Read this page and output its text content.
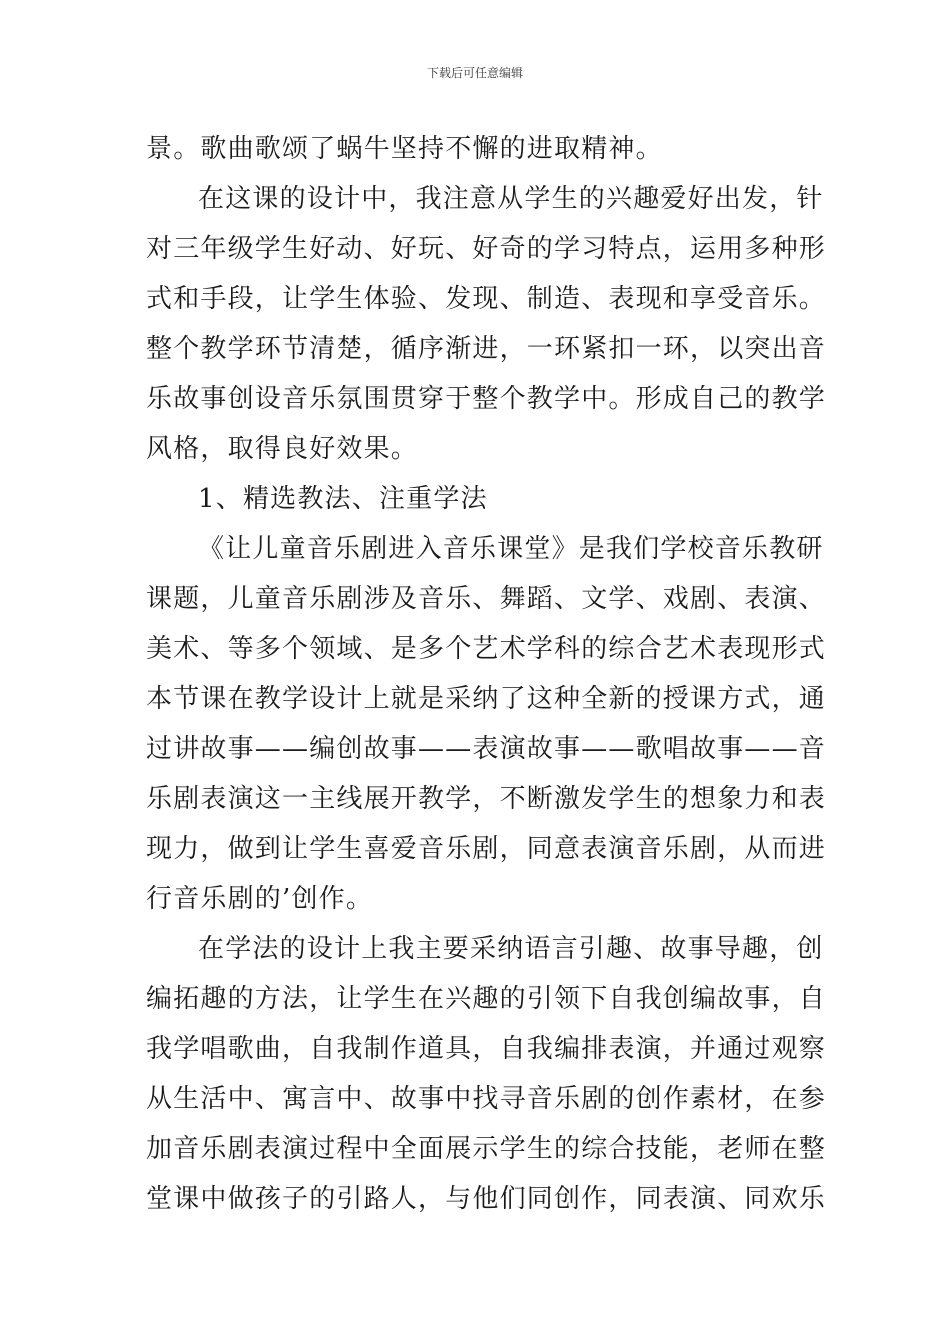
下载后可任意编辑
景。歌曲歌颂了蜗牛坚持不懈的进取精神。
在这课的设计中，我注意从学生的兴趣爱好出发，针
对三年级学生好动、好玩、好奇的学习特点，运用多种形
式和手段，让学生体验、发现、制造、表现和享受音乐。
整个教学环节清楚，循序渐进，一环紧扣一环，以突出音
乐故事创设音乐氛围贯穿于整个教学中。形成自己的教学
风格，取得良好效果。
1、精选教法、注重学法
《让儿童音乐剧进入音乐课堂》是我们学校音乐教研
课题，儿童音乐剧涉及音乐、舞蹈、文学、戏剧、表演、
美术、等多个领域、是多个艺术学科的综合艺术表现形式
本节课在教学设计上就是采纳了这种全新的授课方式，通
过讲故事——编创故事——表演故事——歌唱故事——音
乐剧表演这一主线展开教学，不断激发学生的想象力和表
现力，做到让学生喜爱音乐剧，同意表演音乐剧，从而进
行音乐剧的’创作。
在学法的设计上我主要采纳语言引趣、故事导趣，创
编拓趣的方法，让学生在兴趣的引领下自我创编故事，自
我学唱歌曲，自我制作道具，自我编排表演，并通过观察
从生活中、寓言中、故事中找寻音乐剧的创作素材，在参
加音乐剧表演过程中全面展示学生的综合技能，老师在整
堂课中做孩子的引路人，与他们同创作，同表演、同欢乐
